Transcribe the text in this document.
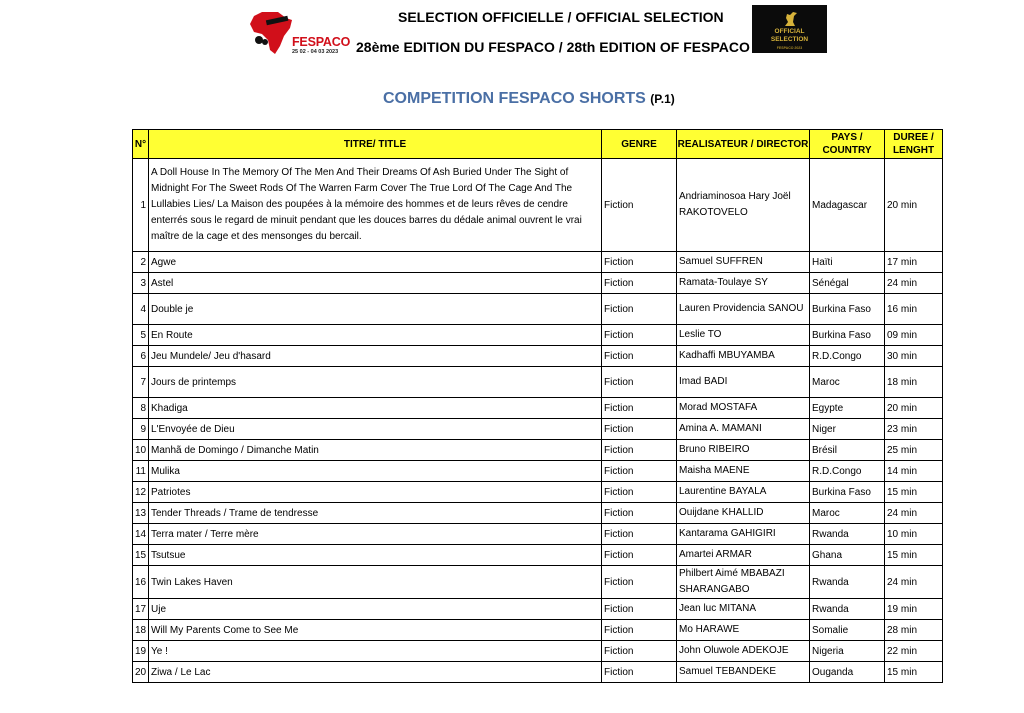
FESPACO
25 02 - 04 03 2023
SELECTION OFFICIELLE / OFFICIAL SELECTION
28ème EDITION DU FESPACO / 28th EDITION OF FESPACO
OFFICIAL
SELECTION
FESPACO 2023
COMPETITION FESPACO SHORTS (P.1)
N°	TITRE/ TITLE	GENRE	REALISATEUR / DIRECTOR	PAYS / COUNTRY	DUREE / LENGHT
1	A Doll House In The Memory Of The Men And Their Dreams Of Ash Buried Under The Sight of Midnight For The Sweet Rods Of The Warren Farm Cover The True Lord Of The Cage And The Lullabies Lies/ La Maison des poupées à la mémoire des hommes et de leurs rêves de cendre enterrés sous le regard de minuit pendant que les douces barres du dédale animal ouvrent le vrai maître de la cage et des mensonges du bercail.	Fiction	Andriaminosoa Hary Joël RAKOTOVELO	Madagascar	20 min
2	Agwe	Fiction	Samuel SUFFREN	Haïti	17 min
3	Astel	Fiction	Ramata-Toulaye SY	Sénégal	24 min
4	Double je	Fiction	Lauren Providencia SANOU	Burkina Faso	16 min
5	En Route	Fiction	Leslie TO	Burkina Faso	09 min
6	Jeu Mundele/ Jeu d'hasard	Fiction	Kadhaffi MBUYAMBA	R.D.Congo	30 min
7	Jours de printemps	Fiction	Imad BADI	Maroc	18 min
8	Khadiga	Fiction	Morad MOSTAFA	Egypte	20 min
9	L'Envoyée de Dieu	Fiction	Amina A. MAMANI	Niger	23 min
10	Manhã de Domingo / Dimanche Matin	Fiction	Bruno RIBEIRO	Brésil	25 min
11	Mulika	Fiction	Maisha MAENE	R.D.Congo	14 min
12	Patriotes	Fiction	Laurentine BAYALA	Burkina Faso	15 min
13	Tender Threads / Trame de tendresse	Fiction	Ouijdane KHALLID	Maroc	24 min
14	Terra mater / Terre mère	Fiction	Kantarama GAHIGIRI	Rwanda	10 min
15	Tsutsue	Fiction	Amartei ARMAR	Ghana	15 min
16	Twin Lakes Haven	Fiction	Philbert Aimé MBABAZI SHARANGABO	Rwanda	24 min
17	Uje	Fiction	Jean luc MITANA	Rwanda	19 min
18	Will My Parents Come to See Me	Fiction	Mo HARAWE	Somalie	28 min
19	Ye !	Fiction	John Oluwole ADEKOJE	Nigeria	22 min
20	Ziwa / Le Lac	Fiction	Samuel TEBANDEKE	Ouganda	15 min
